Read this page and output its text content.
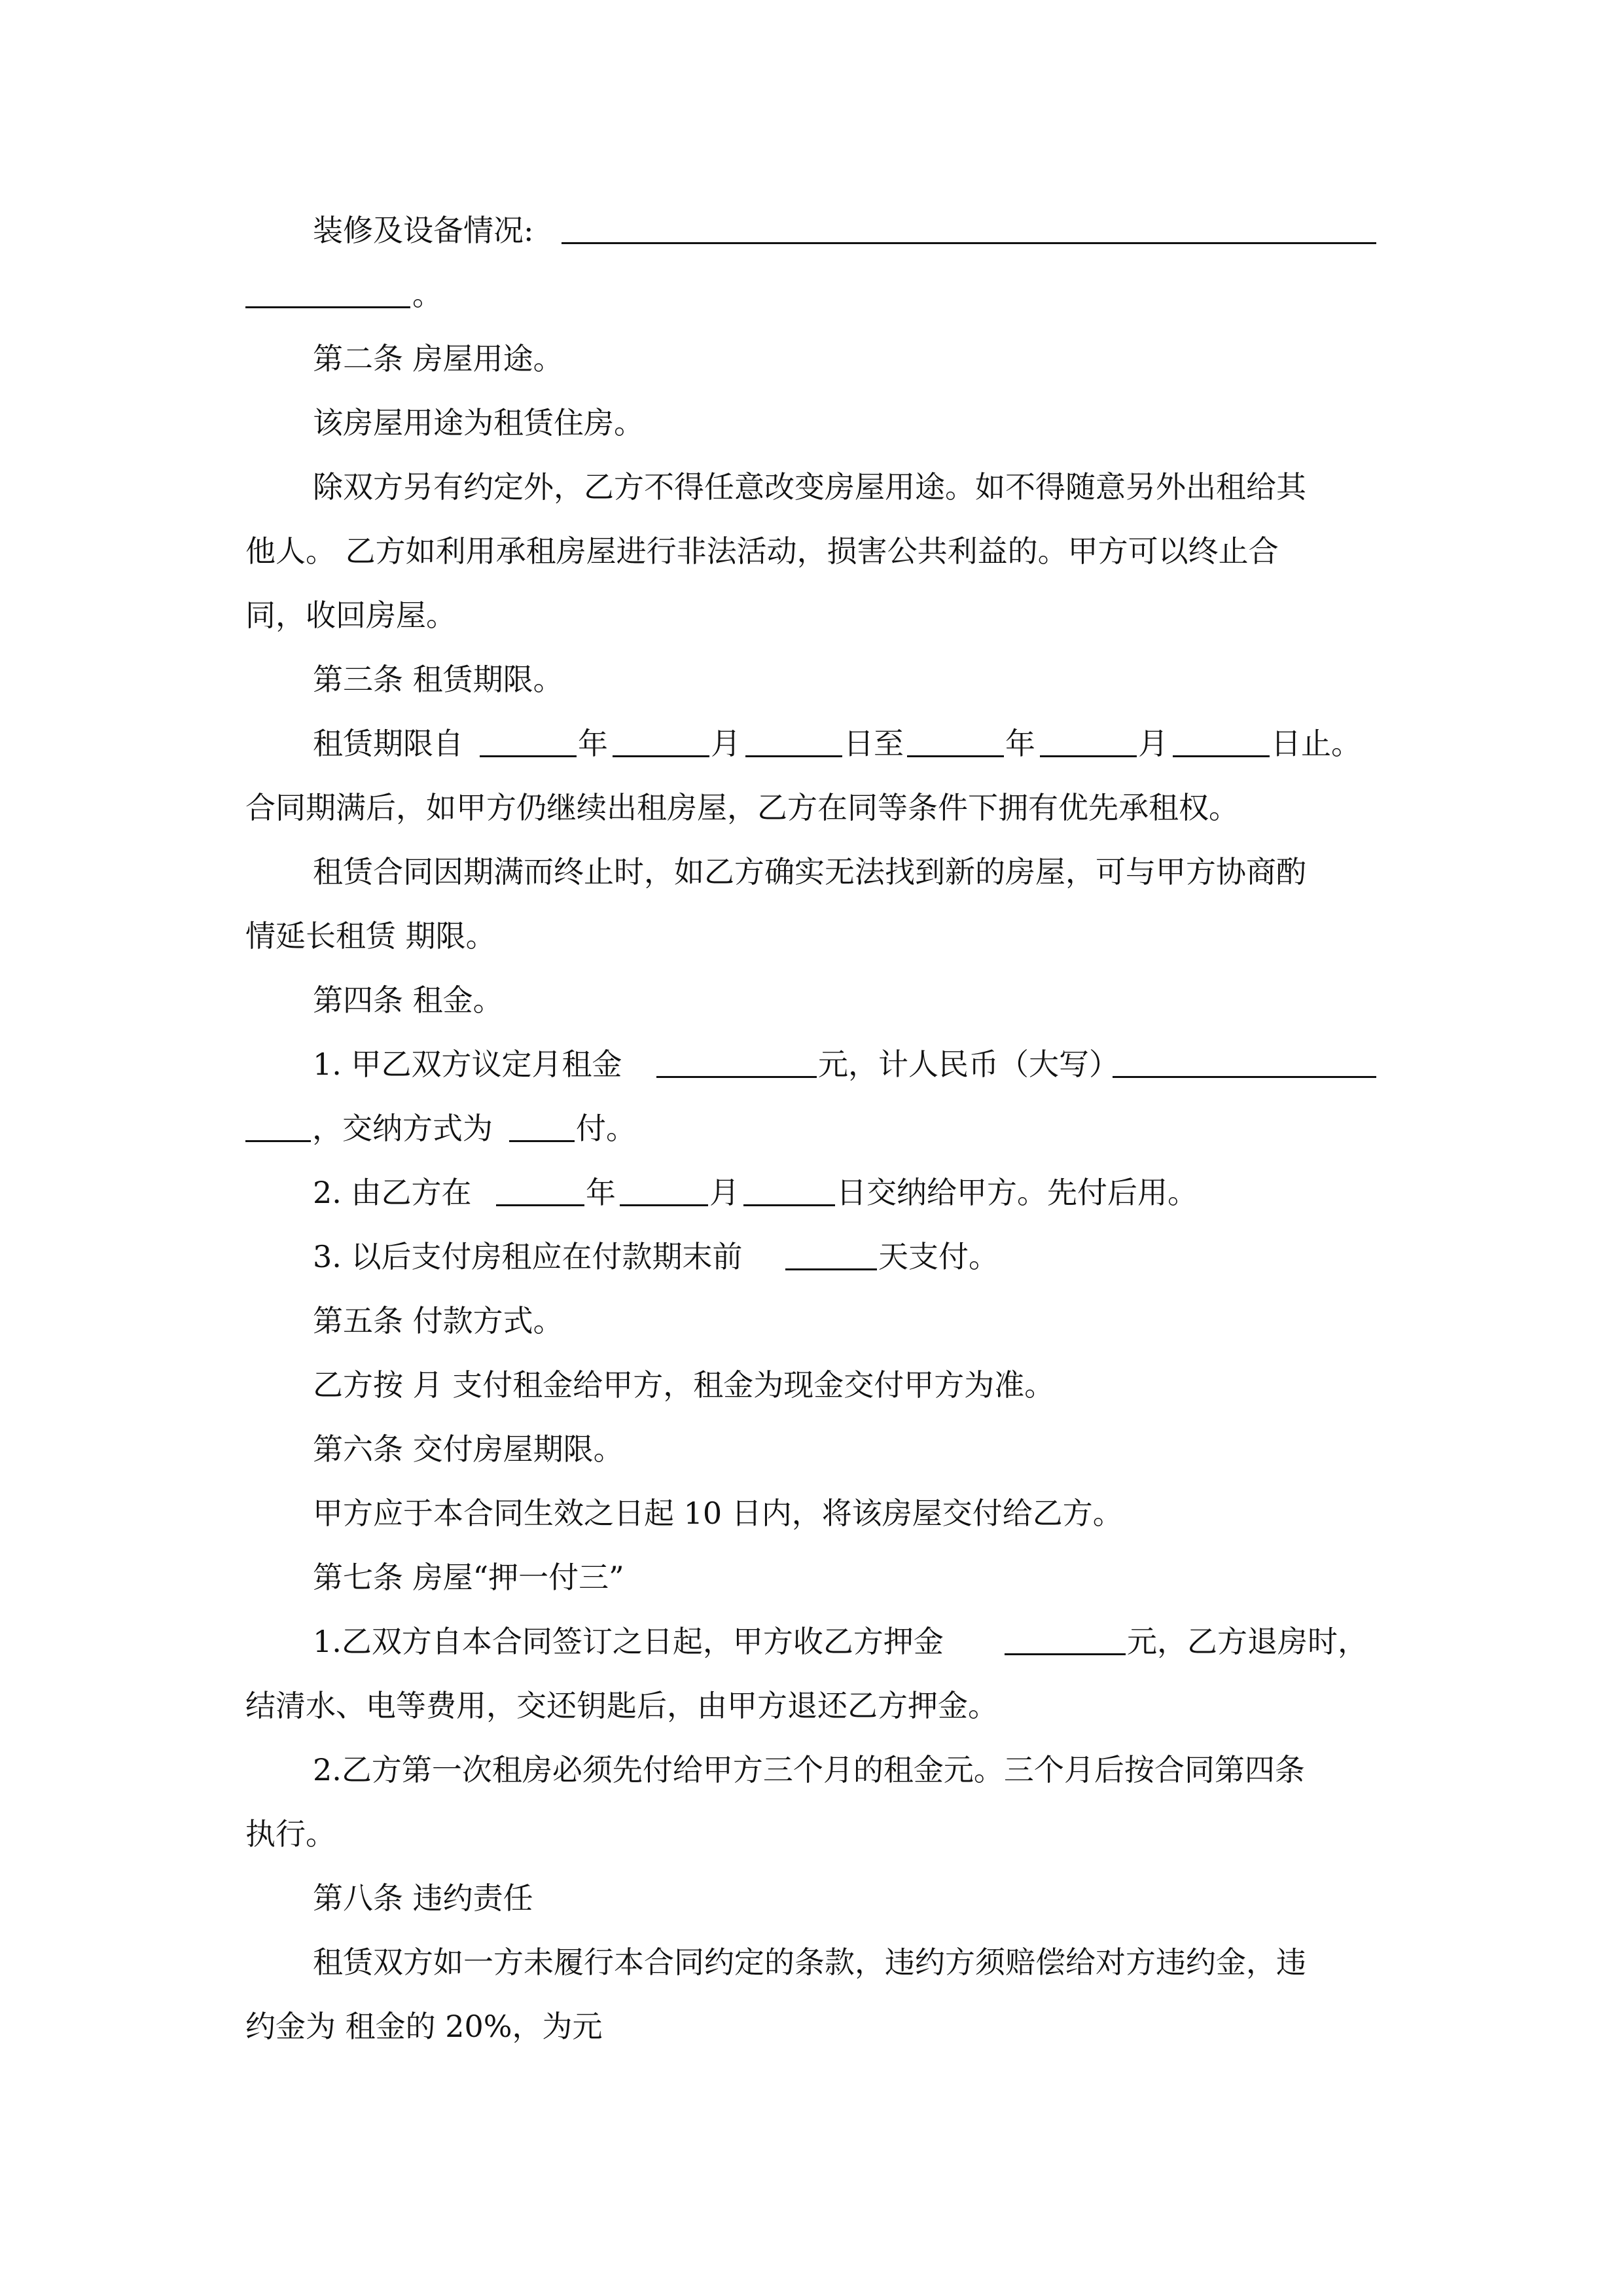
装修及设备情况:
。
第二条 房屋用途。
该房屋用途为租赁住房。
除双方另有约定外，乙方不得任意改变房屋用途。如不得随意另外出租给其
他人。 乙方如利用承租房屋进行非法活动，损害公共利益的。甲方可以终止合
同，收回房屋。
第三条 租赁期限。
租赁期限自	年	月	日至	年	月	日止。
合同期满后，如甲方仍继续出租房屋，乙方在同等条件下拥有优先承租权。
租赁合同因期满而终止时，如乙方确实无法找到新的房屋，可与甲方协商酌
情延长租赁 期限。
第四条 租金。
1. 甲乙双方议定月租金	元，计人民币（大写）
，交纳方式为	付。
2. 由乙方在	年	月	日交纳给甲方。先付后用。
3. 以后支付房租应在付款期末前	天支付。
第五条 付款方式。
乙方按 月 支付租金给甲方，租金为现金交付甲方为准。
第六条 交付房屋期限。
甲方应于本合同生效之日起 10 日内，将该房屋交付给乙方。
第七条 房屋“押一付三”
1.乙双方自本合同签订之日起，甲方收乙方押金	元，乙方退房时，
结清水、电等费用，交还钥匙后，由甲方退还乙方押金。
2.乙方第一次租房必须先付给甲方三个月的租金元。三个月后按合同第四条
执行。
第八条 违约责任
租赁双方如一方未履行本合同约定的条款，违约方须赔偿给对方违约金，违
约金为 租金的 20%，为元
